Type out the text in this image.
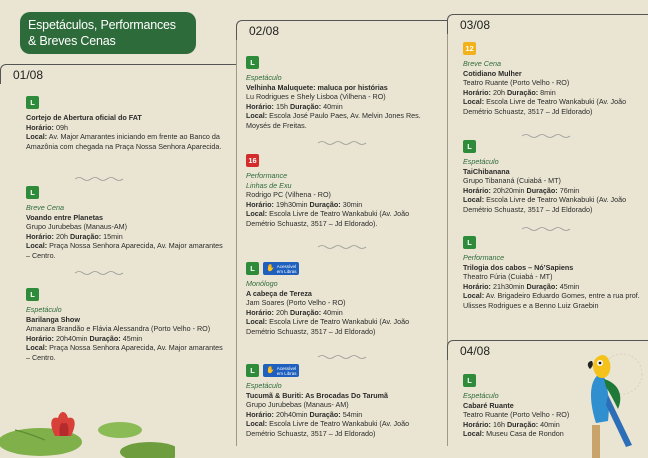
Espetáculos, Performances
& Breves Cenas
01/08
02/08	03/08
04/08
L
Cortejo de Abertura oficial do FAT
Horário: 09h
Local: Av. Major Amarantes iniciando em frente ao Banco da Amazônia com chegada na Praça Nossa Senhora Aparecida.
L
Breve Cena
Voando entre Planetas
Grupo Jurubebas (Manaus-AM)
Horário: 20h Duração: 15min
Local: Praça Nossa Senhora Aparecida, Av. Major amarantes – Centro.
L
Espetáculo
Barilanga Show
Amanara Brandão e Flávia Alessandra (Porto Velho - RO)
Horário: 20h40min Duração: 45min
Local: Praça Nossa Senhora Aparecida, Av. Major amarantes – Centro.
L
Espetáculo
Velhinha Maluquete: maluca por histórias
Lu Rodrigues e Shely Lisboa (Vilhena - RO)
Horário: 15h Duração: 40min
Local: Escola José Paulo Paes, Av. Melvin Jones Res. Moysés de Freitas.
16
Performance
Linhas de Exu
Rodrigo PC (Vilhena - RO)
Horário: 19h30min Duração: 30min
Local: Escola Livre de Teatro Wankabuki (Av. João Demétrio Schuastz, 3517 – Jd Eldorado).
L	✋ Acessível
em Libras
Monólogo
A cabeça de Tereza
Jam Soares (Porto Velho - RO)
Horário: 20h Duração: 40min
Local: Escola Livre de Teatro Wankabuki (Av. João Demétrio Schuastz, 3517 – Jd Eldorado)
L	✋ Acessível
em Libras
Espetáculo
Tucumã & Buriti: As Brocadas Do Tarumã
Grupo Jurubebas (Manaus- AM)
Horário: 20h40min Duração: 54min
Local: Escola Livre de Teatro Wankabuki (Av. João Demétrio Schuastz, 3517 – Jd Eldorado)
12
Breve Cena
Cotidiano Mulher
Teatro Ruante (Porto Velho - RO)
Horário: 20h Duração: 8min
Local: Escola Livre de Teatro Wankabuki (Av. João Demétrio Schuastz, 3517 – Jd Eldorado)
L
Espetáculo
TaiChibanana
Grupo Tibananá (Cuiabá - MT)
Horário: 20h20min Duração: 76min
Local: Escola Livre de Teatro Wankabuki (Av. João Demétrio Schuastz, 3517 – Jd Eldorado)
L
Performance
Trilogia dos cabos – Nó’Sapiens
Theatro Fúria (Cuiabá - MT)
Horário: 21h30min Duração: 45min
Local: Av. Brigadeiro Eduardo Gomes, entre a rua prof. Ulisses Rodrigues e a Benno Luiz Graebin
L
Espetáculo
Cabaré Ruante
Teatro Ruante (Porto Velho - RO)
Horário: 16h Duração: 40min
Local: Museu Casa de Rondon
